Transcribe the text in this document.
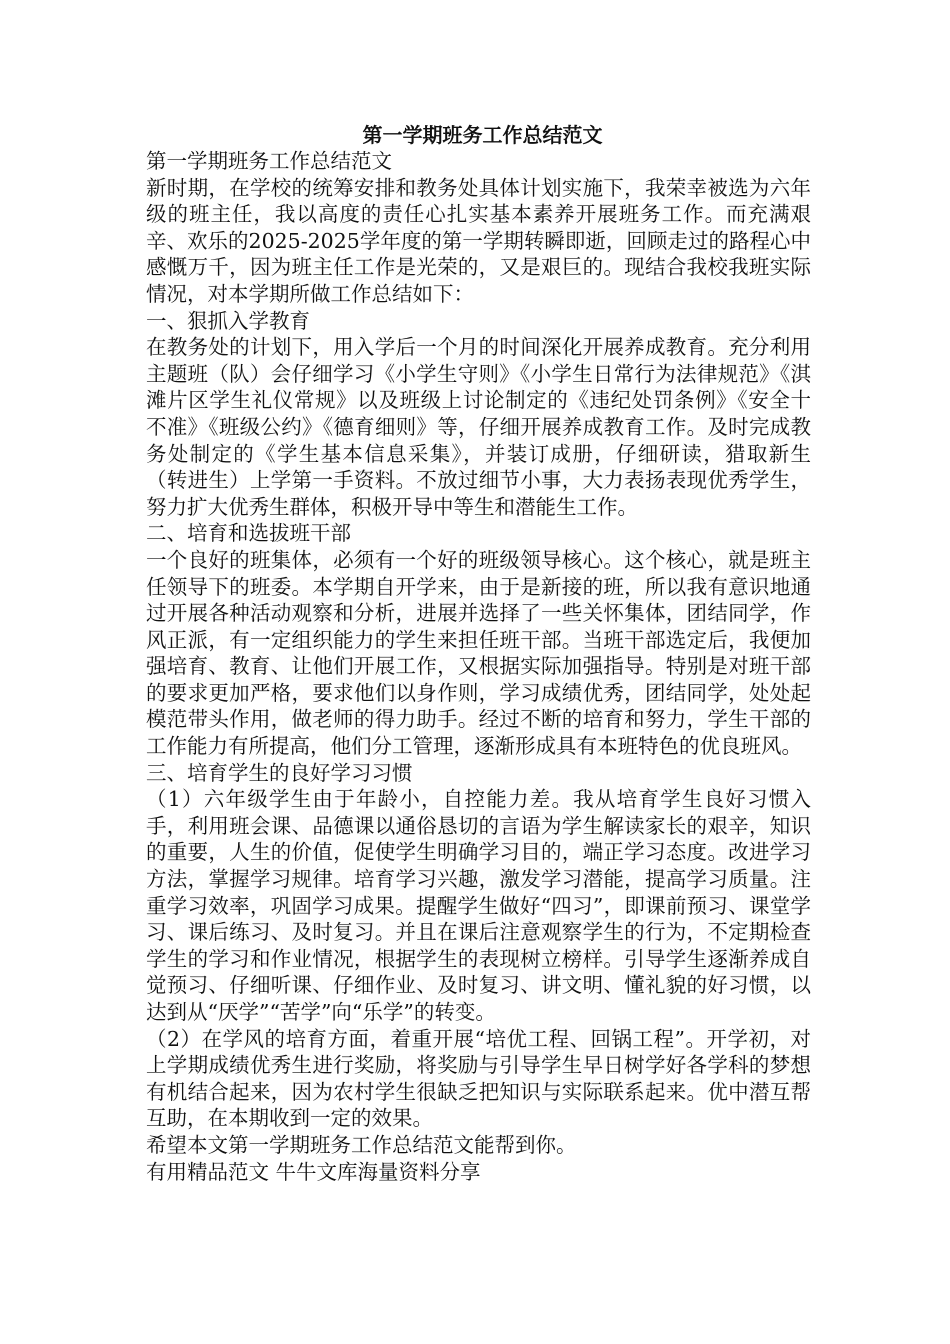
第一学期班务工作总结范文

第一学期班务工作总结范文

新时期，在学校的统筹安排和教务处具体计划实施下，我荣幸被选为六年级的班主任，我以高度的责任心扎实基本素养开展班务工作。而充满艰辛、欢乐的2025-2025学年度的第一学期转瞬即逝，回顾走过的路程心中感慨万千，因为班主任工作是光荣的，又是艰巨的。现结合我校我班实际情况，对本学期所做工作总结如下：

一、狠抓入学教育

在教务处的计划下，用入学后一个月的时间深化开展养成教育。充分利用主题班（队）会仔细学习《小学生守则》《小学生日常行为法律规范》《淇滩片区学生礼仪常规》以及班级上讨论制定的《违纪处罚条例》《安全十不准》《班级公约》《德育细则》等，仔细开展养成教育工作。及时完成教务处制定的《学生基本信息采集》，并装订成册，仔细研读，猎取新生（转进生）上学第一手资料。不放过细节小事，大力表扬表现优秀学生，努力扩大优秀生群体，积极开导中等生和潜能生工作。

二、培育和选拔班干部

一个良好的班集体，必须有一个好的班级领导核心。这个核心，就是班主任领导下的班委。本学期自开学来，由于是新接的班，所以我有意识地通过开展各种活动观察和分析，进展并选择了一些关怀集体，团结同学，作风正派，有一定组织能力的学生来担任班干部。当班干部选定后，我便加强培育、教育、让他们开展工作，又根据实际加强指导。特别是对班干部的要求更加严格，要求他们以身作则，学习成绩优秀，团结同学，处处起模范带头作用，做老师的得力助手。经过不断的培育和努力，学生干部的工作能力有所提高，他们分工管理，逐渐形成具有本班特色的优良班风。

三、培育学生的良好学习习惯

（1）六年级学生由于年龄小，自控能力差。我从培育学生良好习惯入手，利用班会课、品德课以通俗恳切的言语为学生解读家长的艰辛，知识的重要，人生的价值，促使学生明确学习目的，端正学习态度。改进学习方法，掌握学习规律。培育学习兴趣，激发学习潜能，提高学习质量。注重学习效率，巩固学习成果。提醒学生做好“四习”，即课前预习、课堂学习、课后练习、及时复习。并且在课后注意观察学生的行为，不定期检查学生的学习和作业情况，根据学生的表现树立榜样。引导学生逐渐养成自觉预习、仔细听课、仔细作业、及时复习、讲文明、懂礼貌的好习惯，以达到从“厌学”“苦学”向“乐学”的转变。

（2）在学风的培育方面，着重开展“培优工程、回锅工程”。开学初，对上学期成绩优秀生进行奖励，将奖励与引导学生早日树学好各学科的梦想有机结合起来，因为农村学生很缺乏把知识与实际联系起来。优中潜互帮互助，在本期收到一定的效果。

希望本文第一学期班务工作总结范文能帮到你。

有用精品范文 牛牛文库海量资料分享
